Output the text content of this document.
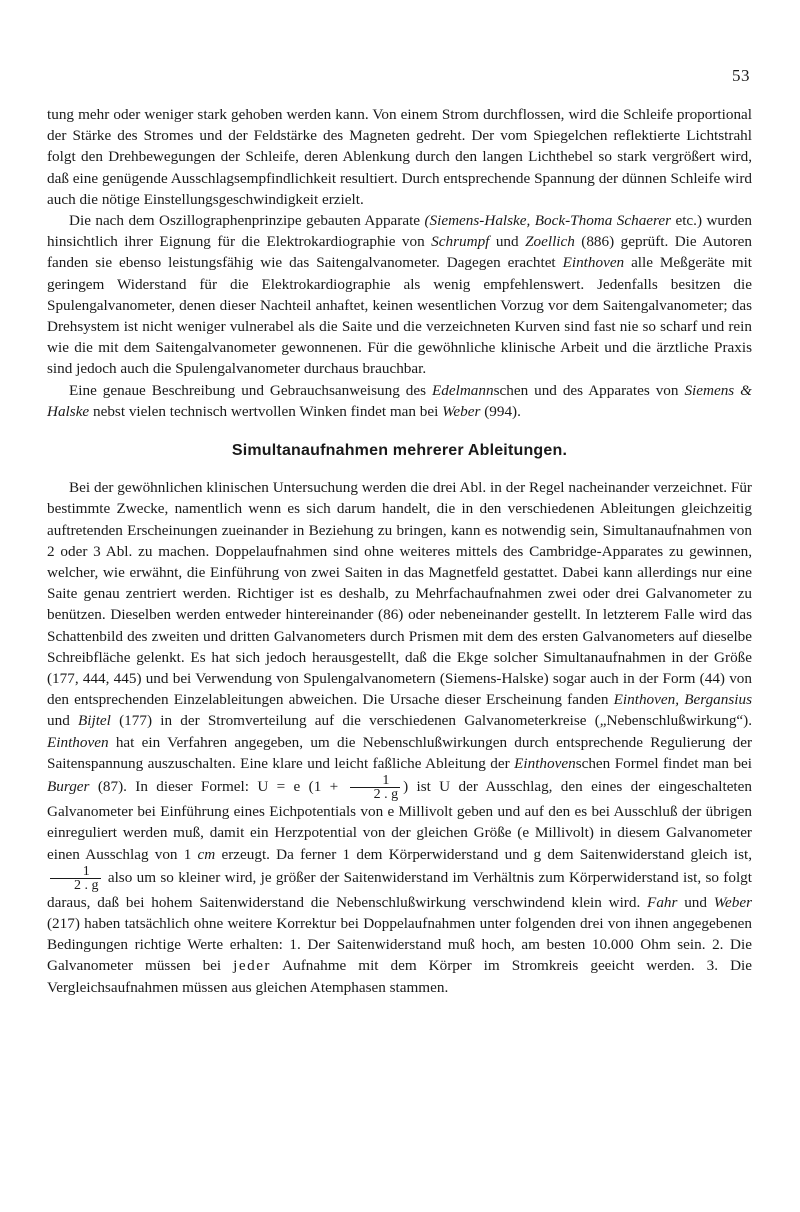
53

tung mehr oder weniger stark gehoben werden kann. Von einem Strom durchflossen, wird die Schleife proportional der Stärke des Stromes und der Feldstärke des Magneten gedreht. Der vom Spiegelchen reflektierte Lichtstrahl folgt den Drehbewegungen der Schleife, deren Ablenkung durch den langen Lichthebel so stark vergrößert wird, daß eine genügende Ausschlagsempfindlichkeit resultiert. Durch entsprechende Spannung der dünnen Schleife wird auch die nötige Einstellungsgeschwindigkeit erzielt.

Die nach dem Oszillographenprinzipe gebauten Apparate (Siemens-Halske, Bock-Thoma Schaerer etc.) wurden hinsichtlich ihrer Eignung für die Elektrokardiographie von Schrumpf und Zoellich (886) geprüft. Die Autoren fanden sie ebenso leistungsfähig wie das Saitengalvanometer. Dagegen erachtet Einthoven alle Meßgeräte mit geringem Widerstand für die Elektrokardiographie als wenig empfehlenswert. Jedenfalls besitzen die Spulengalvanometer, denen dieser Nachteil anhaftet, keinen wesentlichen Vorzug vor dem Saitengalvanometer; das Drehsystem ist nicht weniger vulnerabel als die Saite und die verzeichneten Kurven sind fast nie so scharf und rein wie die mit dem Saitengalvanometer gewonnenen. Für die gewöhnliche klinische Arbeit und die ärztliche Praxis sind jedoch auch die Spulengalvanometer durchaus brauchbar.

Eine genaue Beschreibung und Gebrauchsanweisung des Edelmannschen und des Apparates von Siemens & Halske nebst vielen technisch wertvollen Winken findet man bei Weber (994).

Simultanaufnahmen mehrerer Ableitungen.

Bei der gewöhnlichen klinischen Untersuchung werden die drei Abl. in der Regel nacheinander verzeichnet. Für bestimmte Zwecke, namentlich wenn es sich darum handelt, die in den verschiedenen Ableitungen gleichzeitig auftretenden Erscheinungen zueinander in Beziehung zu bringen, kann es notwendig sein, Simultanaufnahmen von 2 oder 3 Abl. zu machen. Doppelaufnahmen sind ohne weiteres mittels des Cambridge-Apparates zu gewinnen, welcher, wie erwähnt, die Einführung von zwei Saiten in das Magnetfeld gestattet. Dabei kann allerdings nur eine Saite genau zentriert werden. Richtiger ist es deshalb, zu Mehrfachaufnahmen zwei oder drei Galvanometer zu benützen. Dieselben werden entweder hintereinander (86) oder nebeneinander gestellt. In letzterem Falle wird das Schattenbild des zweiten und dritten Galvanometers durch Prismen mit dem des ersten Galvanometers auf dieselbe Schreibfläche gelenkt. Es hat sich jedoch herausgestellt, daß die Ekge solcher Simultanaufnahmen in der Größe (177, 444, 445) und bei Verwendung von Spulengalvanometern (Siemens-Halske) sogar auch in der Form (44) von den entsprechenden Einzelableitungen abweichen. Die Ursache dieser Erscheinung fanden Einthoven, Bergansius und Bijtel (177) in der Stromverteilung auf die verschiedenen Galvanometerkreise („Nebenschlußwirkung“). Einthoven hat ein Verfahren angegeben, um die Nebenschlußwirkungen durch entsprechende Regulierung der Saitenspannung auszuschalten. Eine klare und leicht faßliche Ableitung der Einthovenschen Formel findet man bei Burger (87). In dieser Formel: U = e ($1 + \frac{1}{2 . g}$ ) ist U der Ausschlag, den eines der eingeschalteten Galvanometer bei Einführung eines Eichpotentials von e Millivolt geben und auf den es bei Ausschluß der übrigen einreguliert werden muß, damit ein Herzpotential von der gleichen Größe (e Millivolt) in diesem Galvanometer einen Ausschlag von 1 cm erzeugt. Da ferner 1 dem Körperwiderstand und g dem Saitenwiderstand gleich ist,
$\frac{1}{2 . g}$ also um so kleiner wird, je größer der Saitenwiderstand im Verhältnis zum Körperwiderstand ist, so folgt daraus, daß bei hohem Saitenwiderstand die Nebenschlußwirkung verschwindend klein wird. Fahr und Weber (217) haben tatsächlich ohne weitere Korrektur bei Doppelaufnahmen unter folgenden drei von ihnen angegebenen Bedingungen richtige Werte erhalten: 1. Der Saitenwiderstand muß hoch, am besten 10.000 Ohm sein. 2. Die Galvanometer müssen bei jeder Aufnahme mit dem Körper im Stromkreis geeicht werden. 3. Die Vergleichsaufnahmen müssen aus gleichen Atemphasen stammen.
